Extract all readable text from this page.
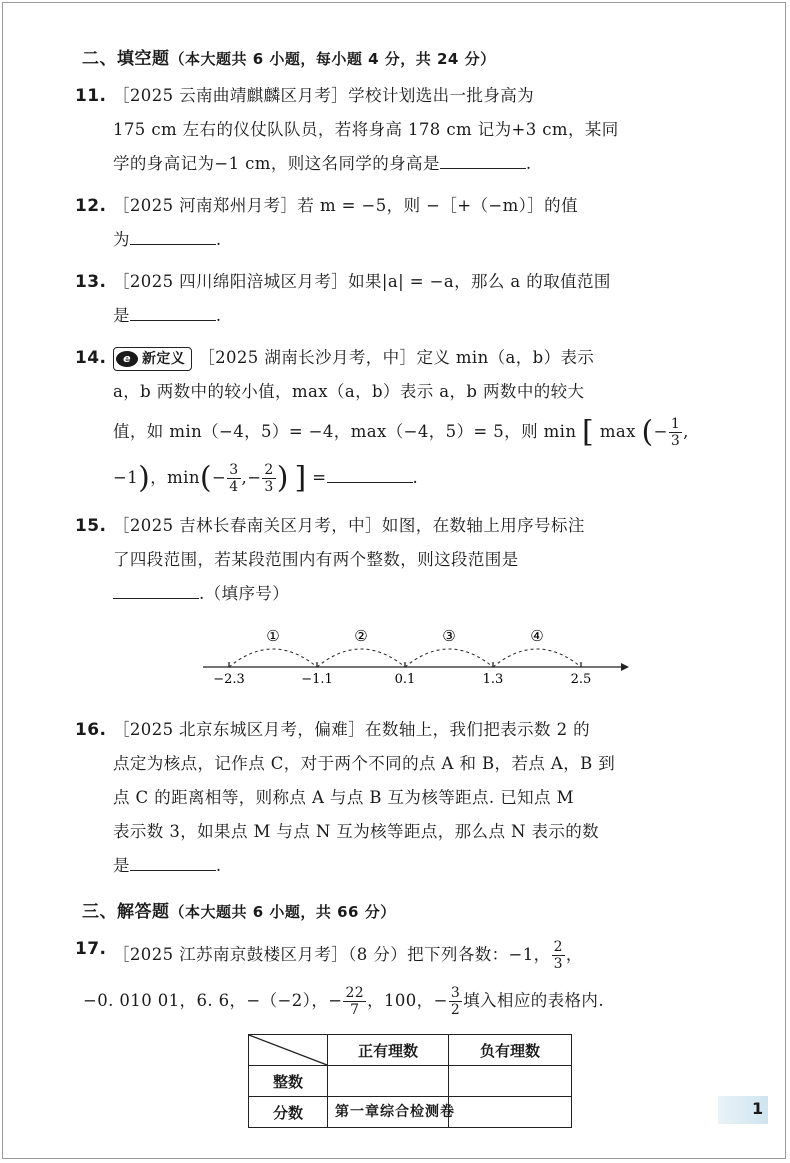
二、填空题（本大题共 6 小题，每小题 4 分，共 24 分）
11. ［2025 云南曲靖麒麟区月考］学校计划选出一批身高为
175 cm 左右的仪仗队队员，若将身高 178 cm 记为+3 cm，某同
学的身高记为−1 cm，则这名同学的身高是	.
12. ［2025 河南郑州月考］若 m = −5，则 −［+（−m）］的值
为	.
13. ［2025 四川绵阳涪城区月考］如果|a| = −a，那么 a 的取值范围
是	.
14.	e 新定义 ［2025 湖南长沙月考，中］定义 min（a，b）表示
a，b 两数中的较小值，max（a，b）表示 a，b 两数中的较大
值，如 min（−4，5）= −4，max（−4，5）= 5，则 min [ max (− $\frac{1}{3}$ ,
−1)，$\min(- \frac{3}{4}$ ,− $\frac{2}{3}$ ) ] =	.
15. ［2025 吉林长春南关区月考，中］如图，在数轴上用序号标注
了四段范围，若某段范围内有两个整数，则这段范围是
.（填序号）
−2.3	−1.1	0.1	1.3	2.5
①	②	③	④
16. ［2025 北京东城区月考，偏难］在数轴上，我们把表示数 2 的
点定为核点，记作点 C，对于两个不同的点 A 和 B，若点 A，B 到
点 C 的距离相等，则称点 A 与点 B 互为核等距点. 已知点 M
表示数 3，如果点 M 与点 N 互为核等距点，那么点 N 表示的数
是	.
三、解答题（本大题共 6 小题，共 66 分）
17. ［2025 江苏南京鼓楼区月考］（8 分）把下列各数：−1， $\frac{2}{3}$ ，
−0. 010 01，6. 6，−（−2），− $\frac{22}{7}$ ，100，− $\frac{3}{2}$ 填入相应的表格内.
	正有理数	负有理数
整数		
分数			第一章综合检测卷	1
